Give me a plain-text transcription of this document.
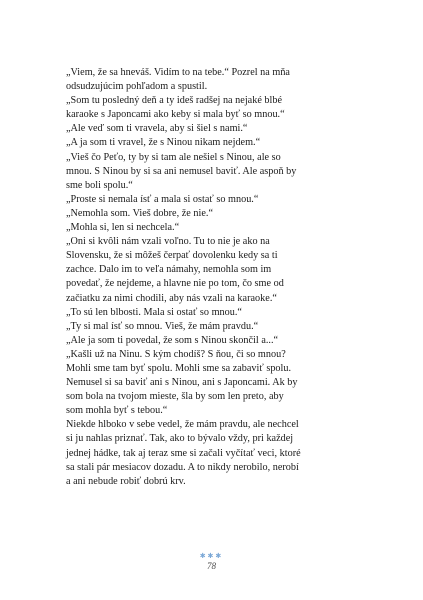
„Viem, že sa hneváš. Vidím to na tebe.“ Pozrel na mňa
odsudzujúcim pohľadom a spustil.
„Som tu posledný deň a ty ideš radšej na nejaké blbé
karaoke s Japoncami ako keby si mala byť so mnou.“
„Ale veď som ti vravela, aby si šiel s nami.“
„A ja som ti vravel, že s Ninou nikam nejdem.“
„Vieš čo Peťo, ty by si tam ale nešiel s Ninou, ale so
mnou. S Ninou by si sa ani nemusel baviť. Ale aspoň by
sme boli spolu.“
„Proste si nemala ísť a mala si ostať so mnou.“
„Nemohla som. Vieš dobre, že nie.“
„Mohla si, len si nechcela.“
„Oni si kvôli nám vzali voľno. Tu to nie je ako na
Slovensku, že si môžeš čerpať dovolenku kedy sa ti
zachce. Dalo im to veľa námahy, nemohla som im
povedať, že nejdeme, a hlavne nie po tom, čo sme od
začiatku za nimi chodili, aby nás vzali na karaoke.“
„To sú len blbosti. Mala si ostať so mnou.“
„Ty si mal ísť so mnou. Vieš, že mám pravdu.“
„Ale ja som ti povedal, že som s Ninou skončil a...“
„Kašli už na Ninu. S kým chodíš? S ňou, či so mnou?
Mohli sme tam byť spolu. Mohli sme sa zabaviť spolu.
Nemusel si sa baviť ani s Ninou, ani s Japoncami. Ak by
som bola na tvojom mieste, šla by som len preto, aby
som mohla byť s tebou.“
Niekde hlboko v sebe vedel, že mám pravdu, ale nechcel
si ju nahlas priznať. Tak, ako to bývalo vždy, pri každej
jednej hádke, tak aj teraz sme si začali vyčítať veci, ktoré
sa stali pár mesiacov dozadu. A to nikdy nerobilo, nerobí
a ani nebude robiť dobrú krv.
✱✱✱
78
